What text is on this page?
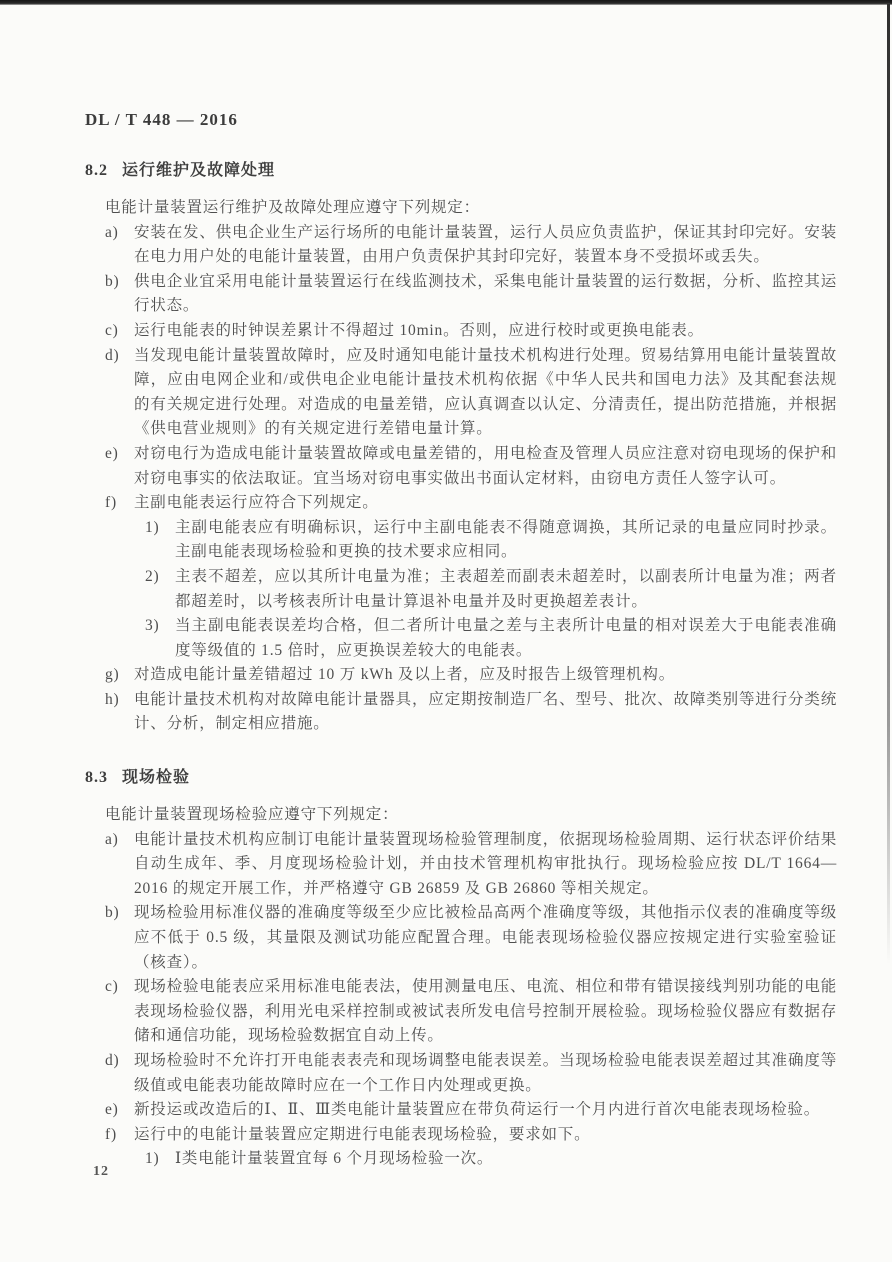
DL / T 448 — 2016
8.2 运行维护及故障处理
电能计量装置运行维护及故障处理应遵守下列规定：
a) 安装在发、供电企业生产运行场所的电能计量装置，运行人员应负责监护，保证其封印完好。安装在电力用户处的电能计量装置，由用户负责保护其封印完好，装置本身不受损坏或丢失。
b) 供电企业宜采用电能计量装置运行在线监测技术，采集电能计量装置的运行数据，分析、监控其运行状态。
c) 运行电能表的时钟误差累计不得超过 10min。否则，应进行校时或更换电能表。
d) 当发现电能计量装置故障时，应及时通知电能计量技术机构进行处理。贸易结算用电能计量装置故障，应由电网企业和/或供电企业电能计量技术机构依据《中华人民共和国电力法》及其配套法规的有关规定进行处理。对造成的电量差错，应认真调查以认定、分清责任，提出防范措施，并根据《供电营业规则》的有关规定进行差错电量计算。
e) 对窃电行为造成电能计量装置故障或电量差错的，用电检查及管理人员应注意对窃电现场的保护和对窃电事实的依法取证。宜当场对窃电事实做出书面认定材料，由窃电方责任人签字认可。
f) 主副电能表运行应符合下列规定。
1) 主副电能表应有明确标识，运行中主副电能表不得随意调换，其所记录的电量应同时抄录。主副电能表现场检验和更换的技术要求应相同。
2) 主表不超差，应以其所计电量为准；主表超差而副表未超差时，以副表所计电量为准；两者都超差时，以考核表所计电量计算退补电量并及时更换超差表计。
3) 当主副电能表误差均合格，但二者所计电量之差与主表所计电量的相对误差大于电能表准确度等级值的 1.5 倍时，应更换误差较大的电能表。
g) 对造成电能计量差错超过 10 万 kWh 及以上者，应及时报告上级管理机构。
h) 电能计量技术机构对故障电能计量器具，应定期按制造厂名、型号、批次、故障类别等进行分类统计、分析，制定相应措施。
8.3 现场检验
电能计量装置现场检验应遵守下列规定：
a) 电能计量技术机构应制订电能计量装置现场检验管理制度，依据现场检验周期、运行状态评价结果自动生成年、季、月度现场检验计划，并由技术管理机构审批执行。现场检验应按 DL/T 1664—2016 的规定开展工作，并严格遵守 GB 26859 及 GB 26860 等相关规定。
b) 现场检验用标准仪器的准确度等级至少应比被检品高两个准确度等级，其他指示仪表的准确度等级应不低于 0.5 级，其量限及测试功能应配置合理。电能表现场检验仪器应按规定进行实验室验证（核查）。
c) 现场检验电能表应采用标准电能表法，使用测量电压、电流、相位和带有错误接线判别功能的电能表现场检验仪器，利用光电采样控制或被试表所发电信号控制开展检验。现场检验仪器应有数据存储和通信功能，现场检验数据宜自动上传。
d) 现场检验时不允许打开电能表表壳和现场调整电能表误差。当现场检验电能表误差超过其准确度等级值或电能表功能故障时应在一个工作日内处理或更换。
e) 新投运或改造后的Ⅰ、Ⅱ、Ⅲ类电能计量装置应在带负荷运行一个月内进行首次电能表现场检验。
f) 运行中的电能计量装置应定期进行电能表现场检验，要求如下。
1) Ⅰ类电能计量装置宜每 6 个月现场检验一次。
12
